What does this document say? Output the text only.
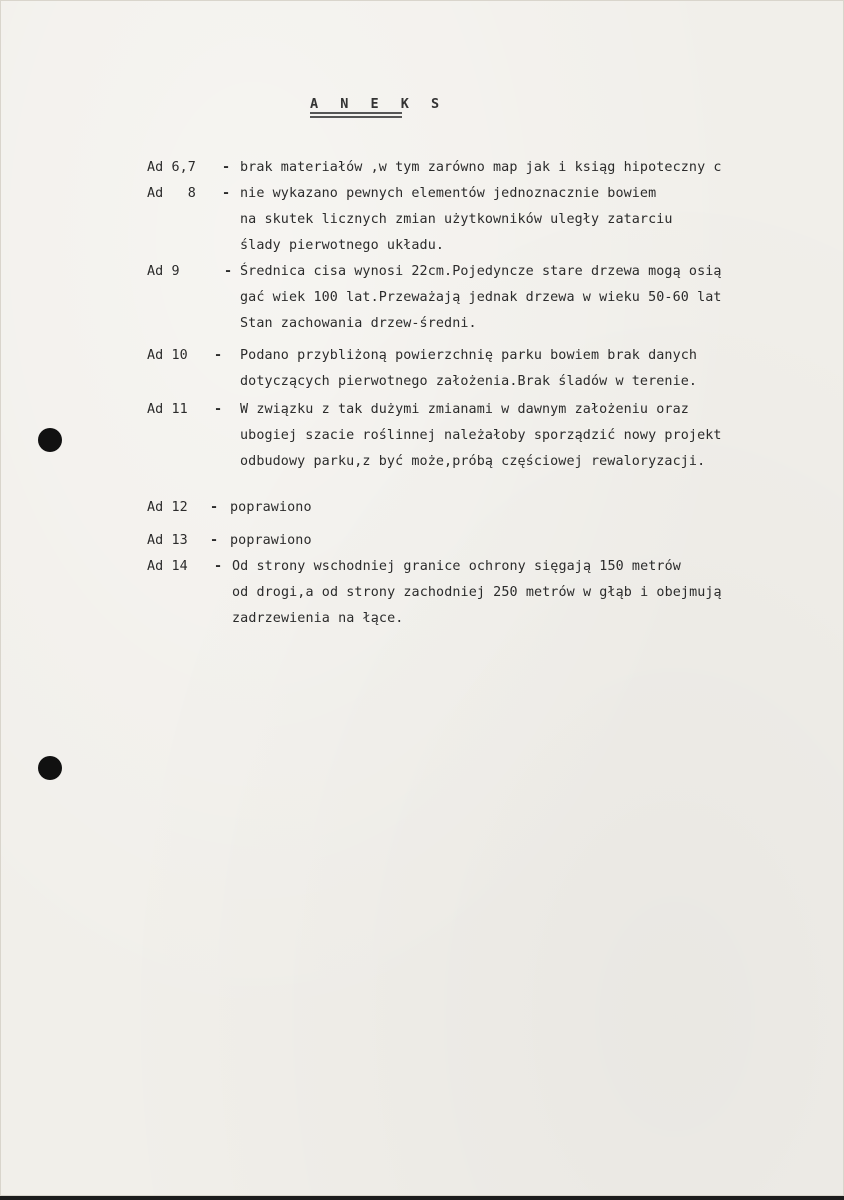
A N E K S
Ad 6,7 - brak materiałów ,w tym zarówno map jak i ksiąg hipoteczny c
Ad   8 - nie wykazano pewnych elementów jednoznacznie bowiem
na skutek licznych zmian użytkowników uległy zatarciu
ślady pierwotnego układu.
Ad 9	- Średnica cisa wynosi 22cm.Pojedyncze stare drzewa mogą osią
gać wiek 100 lat.Przeważają jednak drzewa w wieku 50-60 lat
Stan zachowania drzew-średni.
Ad 10 - Podano przybliżoną powierzchnię parku bowiem brak danych
dotyczących pierwotnego założenia.Brak śladów w terenie.
Ad 11 - W związku z tak dużymi zmianami w dawnym założeniu oraz
ubogiej szacie roślinnej należałoby sporządzić nowy projekt
odbudowy parku,z być może,próbą częściowej rewaloryzacji.
Ad 12 - poprawiono
Ad 13 - poprawiono
Ad 14 - Od strony wschodniej granice ochrony sięgają 150 metrów
od drogi,a od strony zachodniej 250 metrów w głąb i obejmują
zadrzewienia na łące.
